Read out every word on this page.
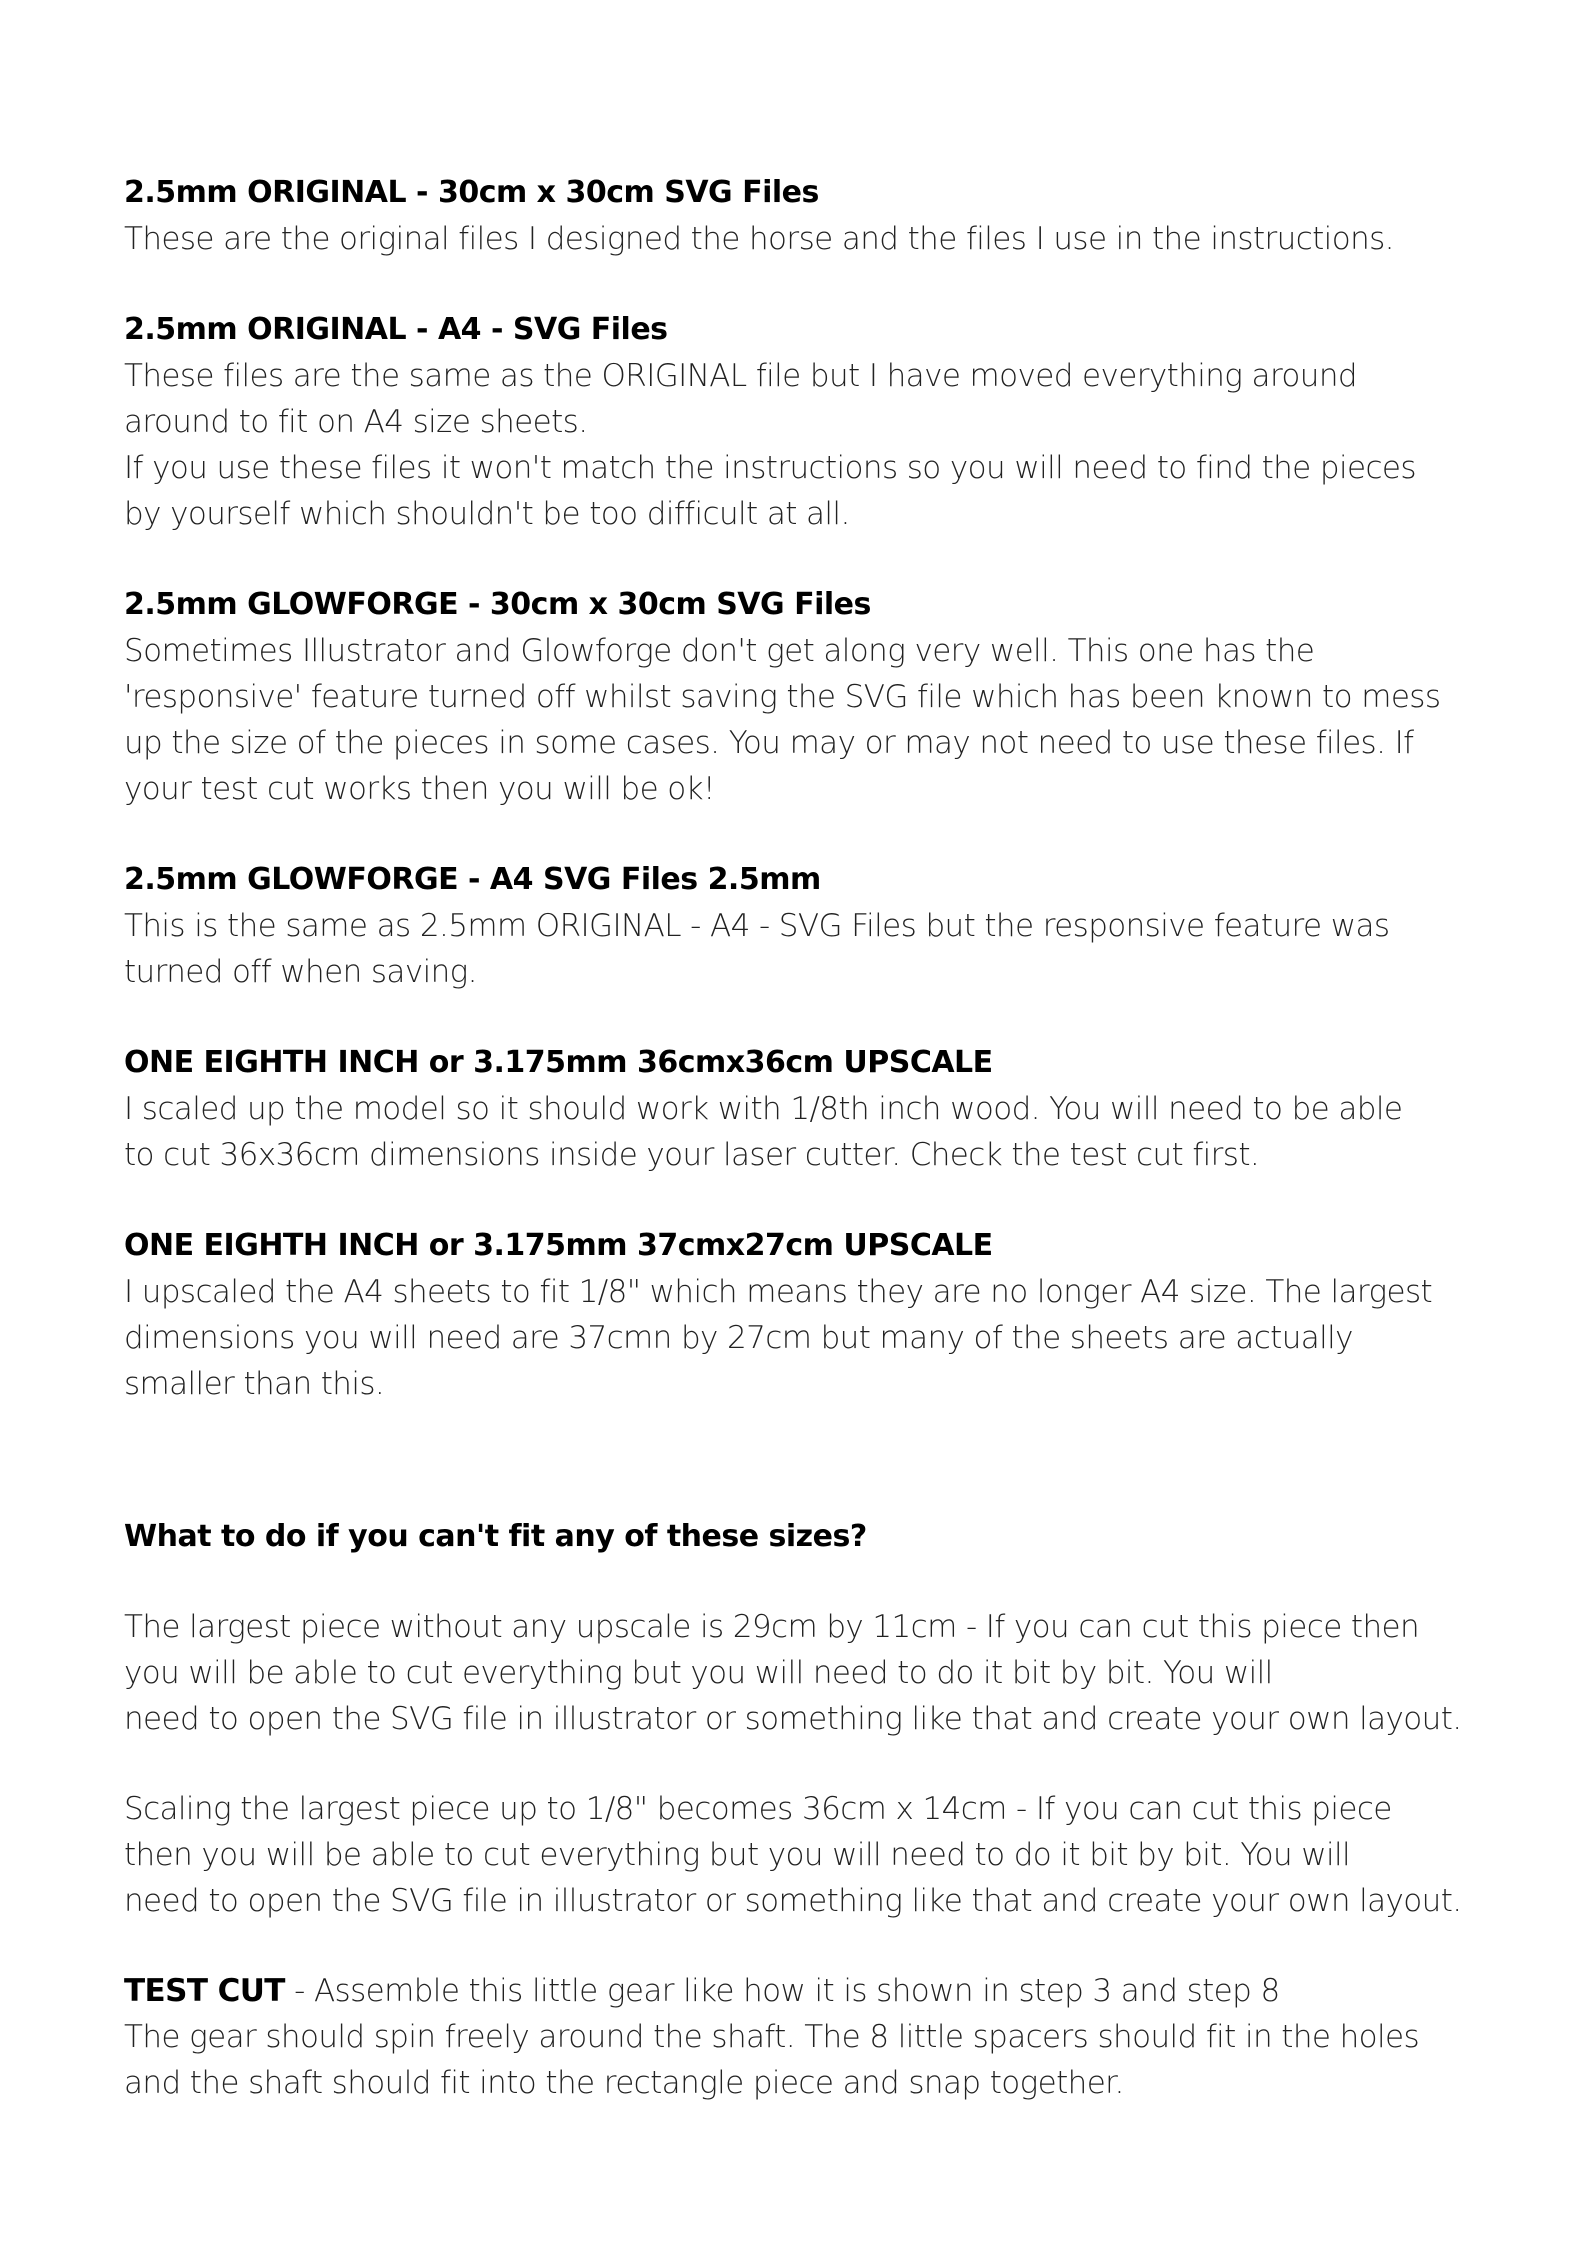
2.5mm ORIGINAL - 30cm x 30cm SVG Files
These are the original files I designed the horse and the files I use in the instructions.
2.5mm ORIGINAL - A4 - SVG Files
These files are the same as the ORIGINAL file but I have moved everything around
around to fit on A4 size sheets.
If you use these files it won't match the instructions so you will need to find the pieces
by yourself which shouldn't be too difficult at all.
2.5mm GLOWFORGE - 30cm x 30cm SVG Files
Sometimes Illustrator and Glowforge don't get along very well. This one has the
'responsive' feature turned off whilst saving the SVG file which has been known to mess
up the size of the pieces in some cases. You may or may not need to use these files. If
your test cut works then you will be ok!
2.5mm GLOWFORGE - A4 SVG Files 2.5mm
This is the same as 2.5mm ORIGINAL - A4 - SVG Files but the responsive feature was
turned off when saving.
ONE EIGHTH INCH or 3.175mm 36cmx36cm UPSCALE
I scaled up the model so it should work with 1/8th inch wood. You will need to be able
to cut 36x36cm dimensions inside your laser cutter. Check the test cut first.
ONE EIGHTH INCH or 3.175mm 37cmx27cm UPSCALE
I upscaled the A4 sheets to fit 1/8" which means they are no longer A4 size. The largest
dimensions you will need are 37cmn by 27cm but many of the sheets are actually
smaller than this.
What to do if you can't fit any of these sizes?
The largest piece without any upscale is 29cm by 11cm - If you can cut this piece then
you will be able to cut everything but you will need to do it bit by bit. You will
need to open the SVG file in illustrator or something like that and create your own layout.
Scaling the largest piece up to 1/8" becomes 36cm x 14cm - If you can cut this piece
then you will be able to cut everything but you will need to do it bit by bit. You will
need to open the SVG file in illustrator or something like that and create your own layout.
TEST CUT - Assemble this little gear like how it is shown in step 3 and step 8
The gear should spin freely around the shaft. The 8 little spacers should fit in the holes
and the shaft should fit into the rectangle piece and snap together.
